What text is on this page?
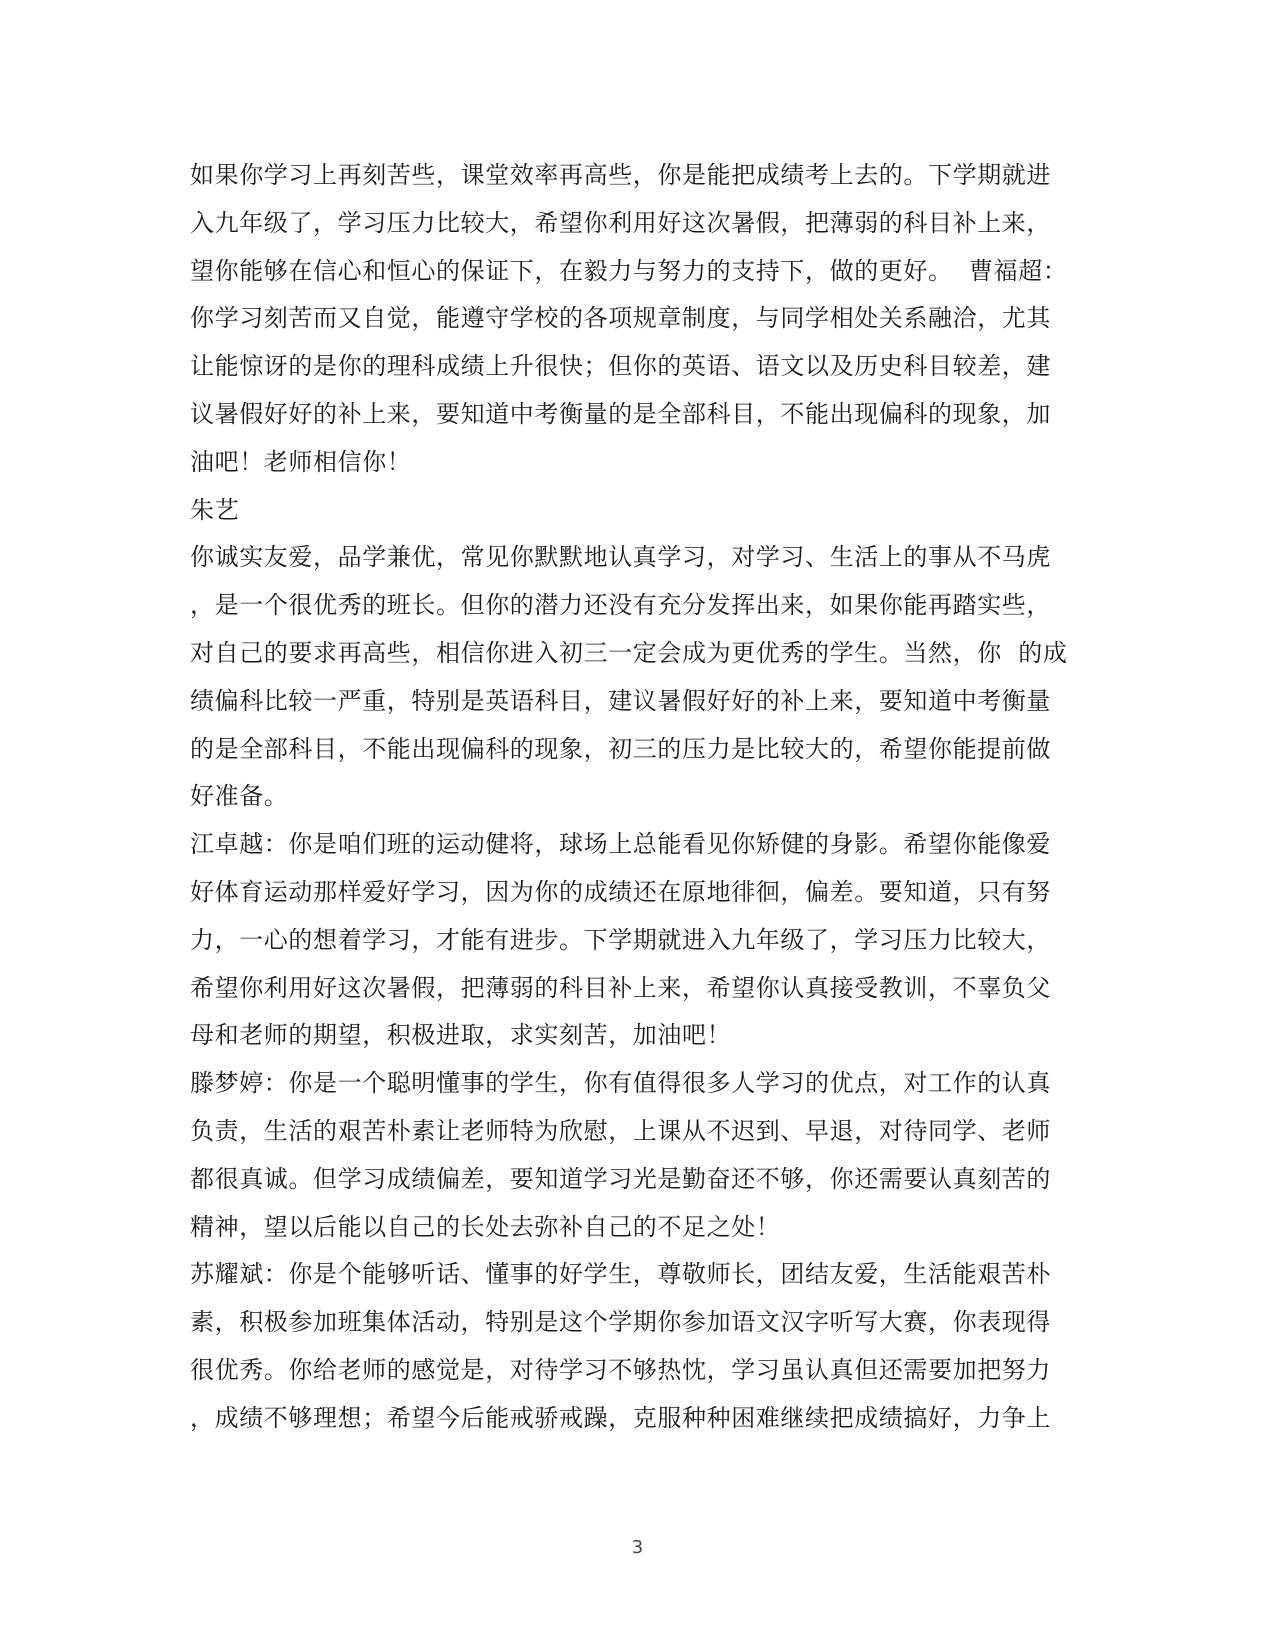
如果你学习上再刻苦些，课堂效率再高些，你是能把成绩考上去的。下学期就进
入九年级了，学习压力比较大，希望你利用好这次暑假，把薄弱的科目补上来，
望你能够在信心和恒心的保证下，在毅力与努力的支持下，做的更好。  曹福超：
你学习刻苦而又自觉，能遵守学校的各项规章制度，与同学相处关系融洽，尤其
让能惊讶的是你的理科成绩上升很快；但你的英语、语文以及历史科目较差，建
议暑假好好的补上来，要知道中考衡量的是全部科目，不能出现偏科的现象，加
油吧！老师相信你！
朱艺
你诚实友爱，品学兼优，常见你默默地认真学习，对学习、生活上的事从不马虎
，是一个很优秀的班长。但你的潜力还没有充分发挥出来，如果你能再踏实些，
对自己的要求再高些，相信你进入初三一定会成为更优秀的学生。当然，你  的成
绩偏科比较一严重，特别是英语科目，建议暑假好好的补上来，要知道中考衡量
的是全部科目，不能出现偏科的现象，初三的压力是比较大的，希望你能提前做
好准备。
江卓越：你是咱们班的运动健将，球场上总能看见你矫健的身影。希望你能像爱
好体育运动那样爱好学习，因为你的成绩还在原地徘徊，偏差。要知道，只有努
力，一心的想着学习，才能有进步。下学期就进入九年级了，学习压力比较大，
希望你利用好这次暑假，把薄弱的科目补上来，希望你认真接受教训，不辜负父
母和老师的期望，积极进取，求实刻苦，加油吧！
滕梦婷：你是一个聪明懂事的学生，你有值得很多人学习的优点，对工作的认真
负责，生活的艰苦朴素让老师特为欣慰，上课从不迟到、早退，对待同学、老师
都很真诚。但学习成绩偏差，要知道学习光是勤奋还不够，你还需要认真刻苦的
精神，望以后能以自己的长处去弥补自己的不足之处！
苏耀斌：你是个能够听话、懂事的好学生，尊敬师长，团结友爱，生活能艰苦朴
素，积极参加班集体活动，特别是这个学期你参加语文汉字听写大赛，你表现得
很优秀。你给老师的感觉是，对待学习不够热忱，学习虽认真但还需要加把努力
，成绩不够理想；希望今后能戒骄戒躁，克服种种困难继续把成绩搞好，力争上
3
